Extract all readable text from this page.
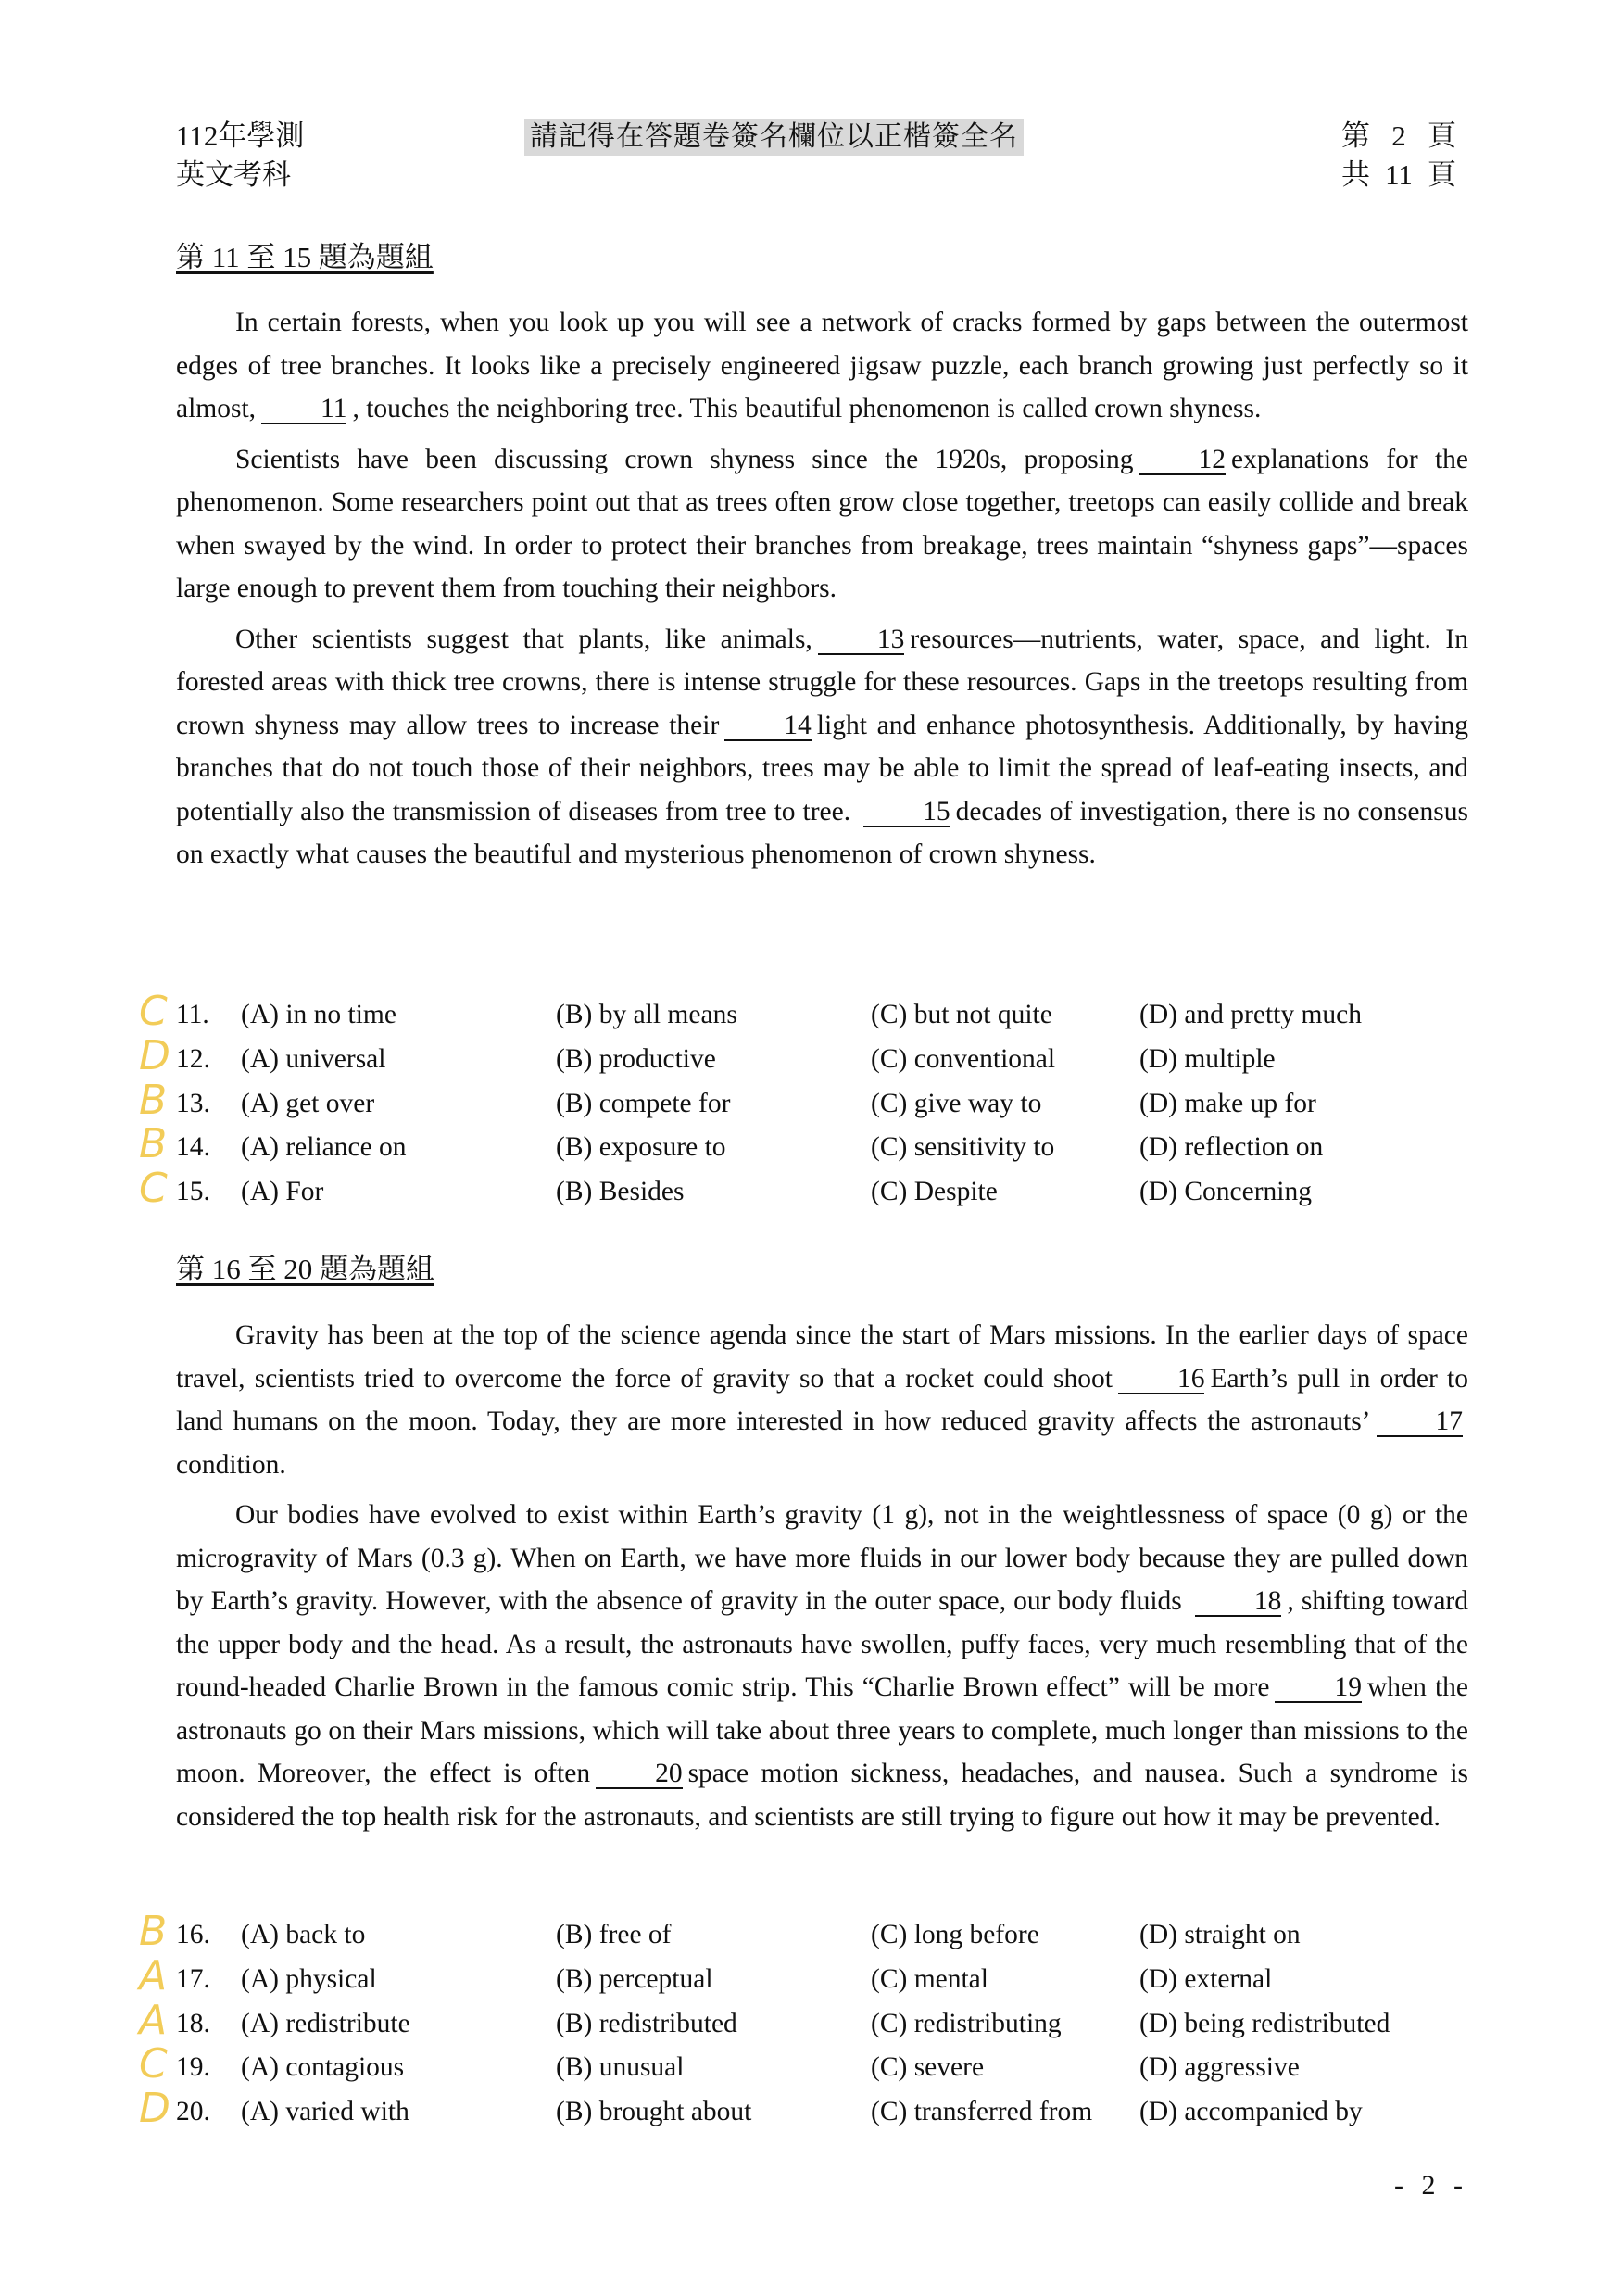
112年學測
英文考科
請記得在答題卷簽名欄位以正楷簽全名	第 2 頁
共 11 頁
第 11 至 15 題為題組

In certain forests, when you look up you will see a network of cracks formed by gaps between the outermost edges of tree branches. It looks like a precisely engineered jigsaw puzzle, each branch growing just perfectly so it almost, 11 , touches the neighboring tree. This beautiful phenomenon is called crown shyness.

Scientists have been discussing crown shyness since the 1920s, proposing 12 explanations for the phenomenon. Some researchers point out that as trees often grow close together, treetops can easily collide and break when swayed by the wind. In order to protect their branches from breakage, trees maintain “shyness gaps”—spaces large enough to prevent them from touching their neighbors.

Other scientists suggest that plants, like animals, 13 resources—nutrients, water, space, and light. In forested areas with thick tree crowns, there is intense struggle for these resources. Gaps in the treetops resulting from crown shyness may allow trees to increase their 14 light and enhance photosynthesis. Additionally, by having branches that do not touch those of their neighbors, trees may be able to limit the spread of leaf-eating insects, and potentially also the transmission of diseases from tree to tree.	15 decades of investigation, there is no consensus on exactly what causes the beautiful and mysterious phenomenon of crown shyness.

C
D
B
B
C
11. (A) in no time	(B) by all means	(C) but not quite	(D) and pretty much
12. (A) universal	(B) productive	(C) conventional	(D) multiple
13. (A) get over	(B) compete for	(C) give way to	(D) make up for
14. (A) reliance on	(B) exposure to	(C) sensitivity to	(D) reflection on
15. (A) For	(B) Besides	(C) Despite	(D) Concerning
第 16 至 20 題為題組

Gravity has been at the top of the science agenda since the start of Mars missions. In the earlier days of space travel, scientists tried to overcome the force of gravity so that a rocket could shoot 16 Earth’s pull in order to land humans on the moon. Today, they are more interested in how reduced gravity affects the astronauts’ 17condition.

Our bodies have evolved to exist within Earth’s gravity (1 g), not in the weightlessness of space (0 g) or the microgravity of Mars (0.3 g). When on Earth, we have more fluids in our lower body because they are pulled down by Earth’s gravity. However, with the absence of gravity in the outer space, our body fluids	18 , shifting toward the upper body and the head. As a result, the astronauts have swollen, puffy faces, very much resembling that of the round-headed Charlie Brown in the famous comic strip. This “Charlie Brown effect” will be more 19 when the astronauts go on their Mars missions, which will take about three years to complete, much longer than missions to the moon. Moreover, the effect is often 20 space motion sickness, headaches, and nausea. Such a syndrome is considered the top health risk for the astronauts, and scientists are still trying to figure out how it may be prevented.

B
A
A
C
D
16. (A) back to	(B) free of	(C) long before	(D) straight on
17. (A) physical	(B) perceptual	(C) mental	(D) external
18. (A) redistribute	(B) redistributed	(C) redistributing	(D) being redistributed
19. (A) contagious	(B) unusual	(C) severe	(D) aggressive
20. (A) varied with	(B) brought about	(C) transferred from (D) accompanied by
- 2 -
